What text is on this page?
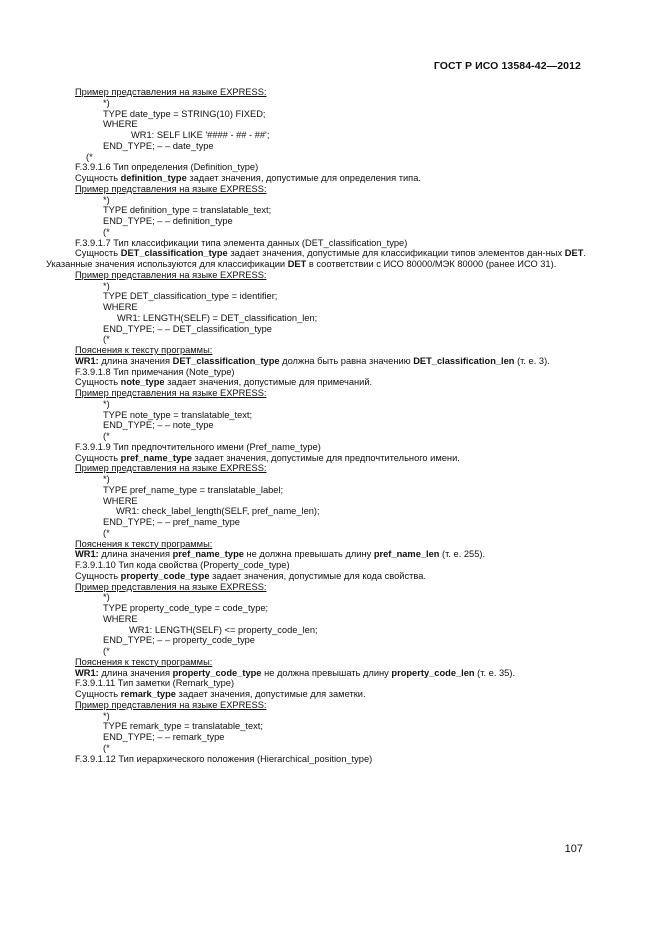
ГОСТ Р ИСО 13584-42—2012
Пример представления на языке EXPRESS:
*)
TYPE date_type = STRING(10) FIXED;
WHERE
WR1: SELF LIKE '#### - ## - ##';
END_TYPE; – – date_type
(*
F.3.9.1.6 Тип определения (Definition_type)
Сущность definition_type задает значения, допустимые для определения типа.
Пример представления на языке EXPRESS:
*)
TYPE definition_type = translatable_text;
END_TYPE; – – definition_type
(*
F.3.9.1.7 Тип классификации типа элемента данных (DET_classification_type)
Сущность DET_classification_type задает значения, допустимые для классификации типов элементов дан-ных DET. Указанные значения используются для классификации DET в соответствии с ИСО 80000/МЭК 80000 (ранее ИСО 31).
Пример представления на языке EXPRESS:
*)
TYPE DET_classification_type = identifier;
WHERE
WR1: LENGTH(SELF) = DET_classification_len;
END_TYPE; – – DET_classification_type
(*
Пояснения к тексту программы:
WR1: длина значения DET_classification_type должна быть равна значению DET_classification_len (т. е. 3).
F.3.9.1.8 Тип примечания (Note_type)
Сущность note_type задает значения, допустимые для примечаний.
Пример представления на языке EXPRESS:
*)
TYPE note_type = translatable_text;
END_TYPE; – – note_type
(*
F.3.9.1.9 Тип предпочтительного имени (Pref_name_type)
Сущность pref_name_type задает значения, допустимые для предпочтительного имени.
Пример представления на языке EXPRESS:
*)
TYPE pref_name_type = translatable_label;
WHERE
WR1: check_label_length(SELF, pref_name_len);
END_TYPE; – – pref_name_type
(*
Пояснения к тексту программы:
WR1: длина значения pref_name_type не должна превышать длину pref_name_len (т. е. 255).
F.3.9.1.10 Тип кода свойства (Property_code_type)
Сущность property_code_type задает значения, допустимые для кода свойства.
Пример представления на языке EXPRESS:
*)
TYPE property_code_type = code_type;
WHERE
WR1: LENGTH(SELF) <= property_code_len;
END_TYPE; – – property_code_type
(*
Пояснения к тексту программы:
WR1: длина значения property_code_type не должна превышать длину property_code_len (т. е. 35).
F.3.9.1.11 Тип заметки (Remark_type)
Сущность remark_type задает значения, допустимые для заметки.
Пример представления на языке EXPRESS:
*)
TYPE remark_type = translatable_text;
END_TYPE; – – remark_type
(*
F.3.9.1.12 Тип иерархического положения (Hierarchical_position_type)
107
